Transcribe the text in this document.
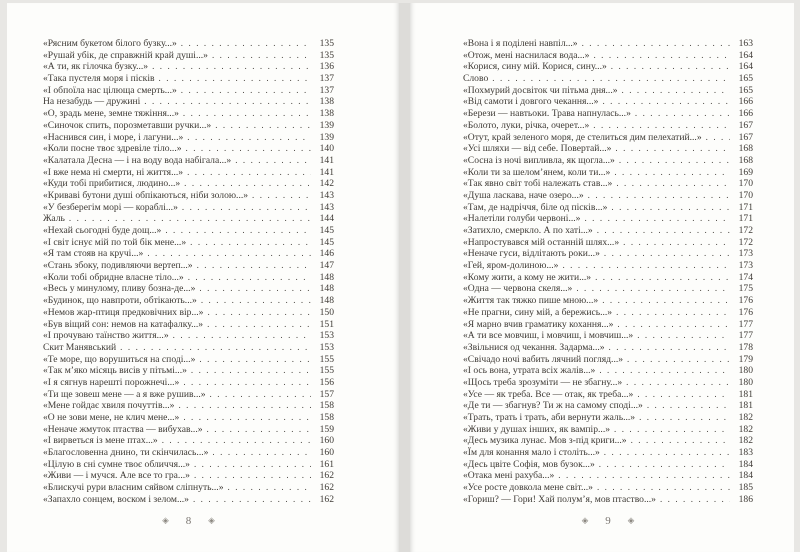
«Рясним букетом білого бузку...» . . .	135
«Рушай убік, де справжній край душі...» . . .	135
«А ти, як гілочка бузку...» . . .	136
«Така пустеля моря і пісків . . .	137
«І обпоїла нас цілюща смерть...» . . .	137
На незабудь — дружині . . .	138
«О, зрадь мене, земне тяжіння...» . . .	138
«Синочок спить, порозметавши ручки...» . . .	139
«Наснився син, і море, і лагуни...» . . .	139
«Коли посне твоє здревіле тіло...» . . .	140
«Калатала Десна — і на воду вода набігала...» . . .	141
«І вже нема ні смерти, ні життя...» . . .	141
«Куди тобі прибитися, людино...» . . .	142
«Криваві бутони душі обпікаються, ніби золою...» . . .	143
«У безберегім морі — кораблі...» . . .	143
Жаль . . .	144
«Нехай сьогодні буде дощ...» . . .	145
«І світ існує мій по той бік мене...» . . .	145
«Я там стояв на кручі...» . . .	146
«Стань збоку, подивляючи вертеп...» . . .	147
«Коли тобі обридне власне тіло...» . . .	148
«Весь у минулому, пливу бозна-де...» . . .	148
«Будинок, що навпроти, обтікають...» . . .	148
«Немов жар-птиця предковічних вір...» . . .	150
«Був віщий сон: немов на катафалку...» . . .	151
«І прочуваю таїнство життя...» . . .	153
Скит Манявський . . .	153
«Те море, що ворушиться на споді...» . . .	155
«Так м’яко місяць висів у пітьмі...» . . .	155
«І я сягнув нарешті порожнечі...» . . .	156
«Ти ще зовеш мене — а я вже рушив...» . . .	157
«Мене гойдає хвиля почуттів...» . . .	158
«О не зови мене, не клич мене...» . . .	158
«Неначе жмуток птаства — вибухав...» . . .	159
«І вирветься із мене птах...» . . .	160
«Благословенна днино, ти скінчилась...» . . .	160
«Цілую в сні сумне твоє обличчя...» . . .	161
«Живи — і мучся. Але все то гра...» . . .	162
«Блискучі рури власним сяйвом сліпнуть...» . . .	162
«Запахло сонцем, воском і зелом...» . . .	162
◈ 8 ◈
«Вона і я поділені навпіл...» . . .	163
«Отож, мені наснилася вода...» . . .	164
«Корися, сину мій. Корися, сину...» . . .	164
Слово . . .	165
«Похмурий досвіток чи пітьма дня...» . . .	165
«Від самоти і довгого чекання...» . . .	166
«Берези — навтьоки. Трава напнулась...» . . .	166
«Болото, луки, річка, очерет...» . . .	167
«Отут, край зеленого моря, де стелиться дим пелехатий...» . . .	167
«Усі шляхи — від себе. Повертай...» . . .	168
«Сосна із ночі випливла, як щогла...» . . .	168
«Коли ти за шелом’янем, коли ти...» . . .	169
«Так явно світ тобі належать став...» . . .	170
«Душа ласкава, наче озеро...» . . .	170
«Там, де надріччя, біле од пісків...» . . .	171
«Налетіли голуби червоні...» . . .	171
«Затихло, смеркло. А по хаті...» . . .	172
«Напростувався мій останній шлях...» . . .	172
«Неначе гуси, відлітають роки...» . . .	173
«Гей, яром-долиною...» . . .	173
«Кому жити, а кому не жити...» . . .	174
«Одна — червона скеля...» . . .	175
«Життя так тяжко пише мною...» . . .	176
«Не прагни, сину мій, а бережись...» . . .	176
«Я марно вчив граматику кохання...» . . .	177
«А ти все мовчиш, і мовчиш, і мовчиш...» . . .	177
«Звільнися од чекання. Задарма...» . . .	178
«Свічадо ночі вабить лячний погляд...» . . .	179
«І ось вона, утрата всіх жалів...» . . .	180
«Щось треба зрозуміти — не збагну...» . . .	180
«Усе — як треба. Все — отак, як треба...» . . .	181
«Де ти — збагнув? Ти ж на самому споді...» . . .	181
«Трать, трать і трать, аби вернути жаль...» . . .	182
«Живи у душах інших, як вампір...» . . .	182
«Десь музика лунає. Мов з-під криги...» . . .	182
«Їм для конання мало і століть...» . . .	183
«Десь цвіте Софія, мов бузок...» . . .	184
«Отака мені рахуба...» . . .	184
«Усе росте довкола мене світ...» . . .	185
«Гориш? — Гори! Хай полум’я, мов птаство...» . . .	186
◈ 9 ◈
